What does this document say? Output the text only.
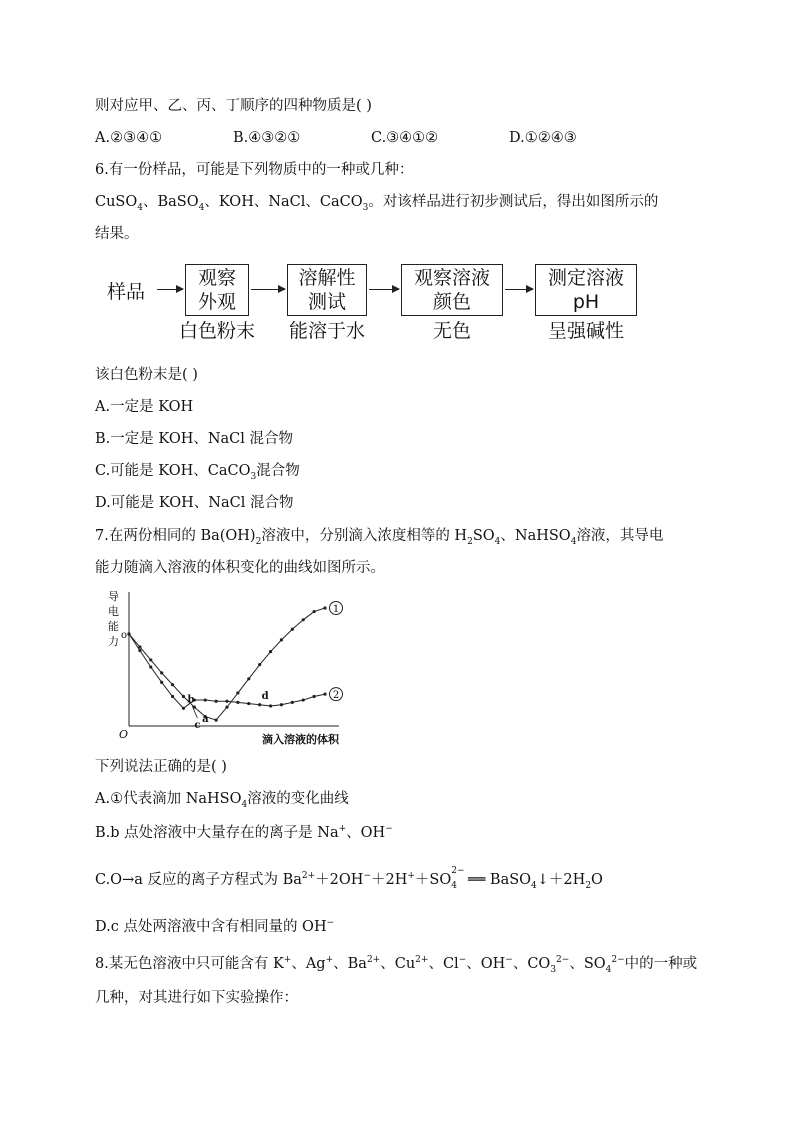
则对应甲、乙、丙、丁顺序的四种物质是( )
A.②③④①	B.④③②①	C.③④①②	D.①②④③
6.有一份样品，可能是下列物质中的一种或几种：
CuSO$_4$、BaSO$_4$、KOH、NaCl、CaCO$_3$。对该样品进行初步测试后，得出如图所示的
结果。
样品
观察
外观
白色粉末
溶解性
测试
能溶于水
观察溶液
颜色
无色
测定溶液
pH
呈强碱性
该白色粉末是( )
A.一定是 KOH
B.一定是 KOH、NaCl 混合物
C.可能是 KOH、CaCO$_3$混合物
D.可能是 KOH、NaCl 混合物
7.在两份相同的 $Ba(OH)_2$溶液中，分别滴入浓度相等的 $H_2SO_4$、NaHSO$_4$溶液，其导电
能力随滴入溶液的体积变化的曲线如图所示。
导
电
能
力
滴入溶液的体积
O
o
1
2
a
b
c
d
下列说法正确的是( )
A.①代表滴加 NaHSO$_4$溶液的变化曲线
B.b 点处溶液中大量存在的离子是 Na+、OH−
C.O→a 反应的离子方程式为 $Ba^{2+}+2OH^-+2H^++SO$
2−
4 ══ $BaSO_4↓+2H_2O$
D.c 点处两溶液中含有相同量的 OH−
8.某无色溶液中只可能含有 K+、Ag+、$Ba^{2+}$、$Cu^{2+}$、Cl−、OH−、$CO_3^{2-}$、$SO_4^{2-}$中的一种或
几种，对其进行如下实验操作：
